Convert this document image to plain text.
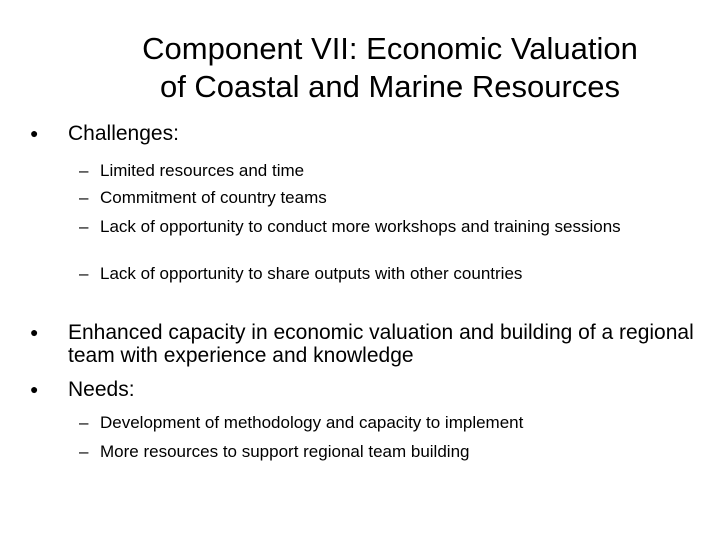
Component VII: Economic Valuation
of Coastal and Marine Resources
● Challenges:
– Limited resources and time
– Commitment of country teams
– Lack of opportunity to conduct more workshops and training sessions
– Lack of opportunity to share outputs with other countries
● Enhanced capacity in economic valuation and building of a regional team with experience and knowledge
● Needs:
– Development of methodology and capacity to implement
– More resources to support regional team building
